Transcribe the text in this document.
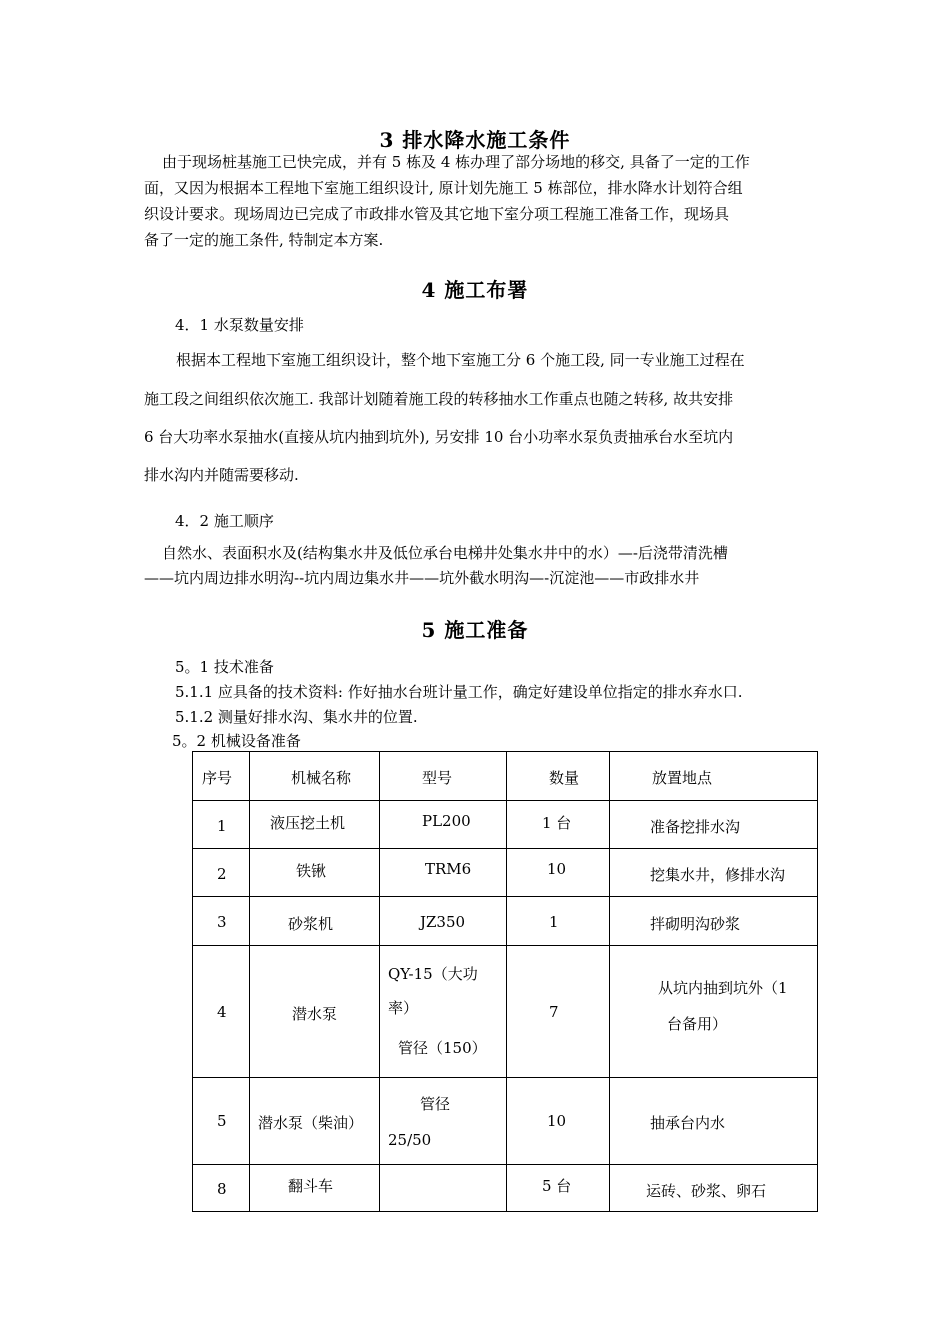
3 排水降水施工条件
由于现场桩基施工已快完成，并有 5 栋及 4 栋办理了部分场地的移交, 具备了一定的工作
面，又因为根据本工程地下室施工组织设计, 原计划先施工 5 栋部位，排水降水计划符合组
织设计要求。现场周边已完成了市政排水管及其它地下室分项工程施工准备工作，现场具
备了一定的施工条件, 特制定本方案.
4 施工布署
4．1 水泵数量安排
根据本工程地下室施工组织设计，整个地下室施工分 6 个施工段, 同一专业施工过程在
施工段之间组织依次施工. 我部计划随着施工段的转移抽水工作重点也随之转移, 故共安排
6 台大功率水泵抽水(直接从坑内抽到坑外), 另安排 10 台小功率水泵负责抽承台水至坑内
排水沟内并随需要移动.
4．2 施工顺序
自然水、表面积水及(结构集水井及低位承台电梯井处集水井中的水）—-后浇带清洗槽
——坑内周边排水明沟--坑内周边集水井——坑外截水明沟—-沉淀池——市政排水井
5 施工准备
5。1 技术准备
5.1.1 应具备的技术资料: 作好抽水台班计量工作，确定好建设单位指定的排水弃水口.
5.1.2 测量好排水沟、集水井的位置.
5。2 机械设备准备
序号	机械名称	型号	数量	放置地点

1	液压挖土机	PL200	1 台	准备挖排水沟

2	铁锹	TRM6	10	挖集水井，修排水沟

3	砂浆机	JZ350	1	拌砌明沟砂浆

4	潜水泵	QY-15（大功
率）
管径（150）	7	从坑内抽到坑外（1
台备用）

5	潜水泵（柴油）	管径
25/50	10	抽承台内水

8	翻斗车		5 台	运砖、砂浆、卵石
